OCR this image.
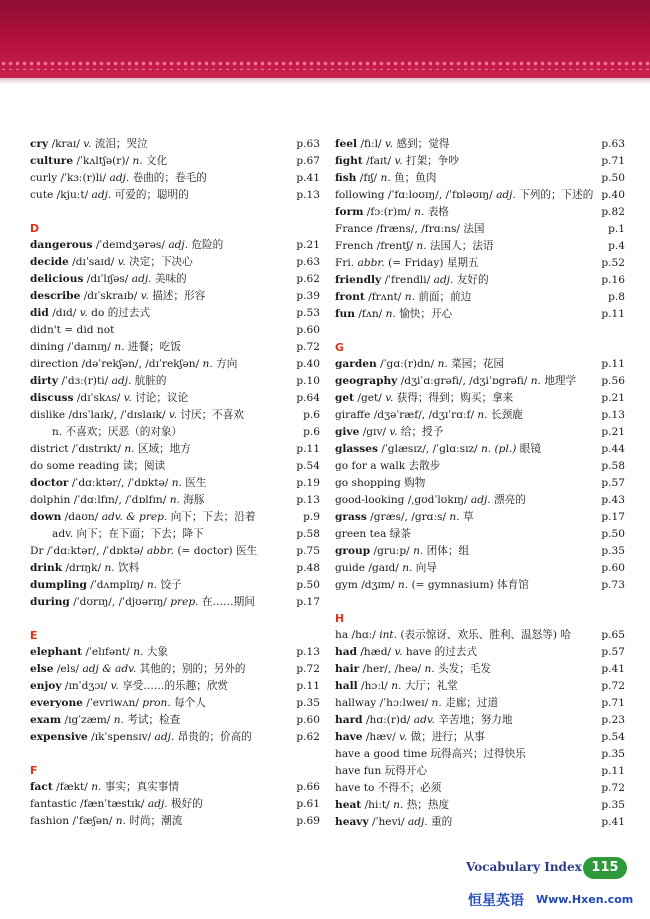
cry /kraɪ/ v. 流泪；哭泣	p.63
culture /ˈkʌltʃə(r)/ n. 文化	p.67
curly /ˈkɜː(r)li/ adj. 卷曲的；卷毛的	p.41
cute /kjuːt/ adj. 可爱的；聪明的	p.13
D
dangerous /ˈdeɪndʒərəs/ adj. 危险的	p.21
decide /dɪˈsaɪd/ v. 决定；下决心	p.63
delicious /dɪˈlɪʃəs/ adj. 美味的	p.62
describe /dɪˈskraɪb/ v. 描述；形容	p.39
did /dɪd/ v. do 的过去式	p.53
didn't = did not	p.60
dining /ˈdaɪnɪŋ/ n. 进餐；吃饭	p.72
direction /dəˈrekʃən/, /dɪˈrekʃən/ n. 方向	p.40
dirty /ˈdɜː(r)ti/ adj. 肮脏的	p.10
discuss /dɪˈskʌs/ v. 讨论；议论	p.64
dislike /dɪsˈlaɪk/, /ˈdɪslaɪk/ v. 讨厌；不喜欢	p.6
n. 不喜欢；厌恶（的对象）	p.6
district /ˈdɪstrɪkt/ n. 区域；地方	p.11
do some reading 读；阅读	p.54
doctor /ˈdɑːktər/, /ˈdɒktə/ n. 医生	p.19
dolphin /ˈdɑːlfɪn/, /ˈdɒlfɪn/ n. 海豚	p.13
down /daʊn/ adv. & prep. 向下；下去；沿着	p.9
adv. 向下；在下面；下去；降下	p.58
Dr /ˈdɑːktər/, /ˈdɒktə/ abbr. (= doctor) 医生	p.75
drink /drɪŋk/ n. 饮料	p.48
dumpling /ˈdʌmplɪŋ/ n. 饺子	p.50
during /ˈdʊrɪŋ/, /ˈdjʊərɪŋ/ prep. 在……期间	p.17
E
elephant /ˈelɪfənt/ n. 大象	p.13
else /els/ adj & adv. 其他的；别的；另外的	p.72
enjoy /ɪnˈdʒɔɪ/ v. 享受……的乐趣；欣赏	p.11
everyone /ˈevriwʌn/ pron. 每个人	p.35
exam /ɪgˈzæm/ n. 考试；检查	p.60
expensive /ɪkˈspensɪv/ adj. 昂贵的；价高的	p.62
F
fact /fækt/ n. 事实；真实事情	p.66
fantastic /fænˈtæstɪk/ adj. 极好的	p.61
fashion /ˈfæʃən/ n. 时尚；潮流	p.69
feel /fiːl/ v. 感到；觉得	p.63
fight /faɪt/ v. 打架；争吵	p.71
fish /fɪʃ/ n. 鱼；鱼肉	p.50
following /ˈfɑːloʊɪŋ/, /ˈfɒləʊɪŋ/ adj. 下列的；下述的 p.40
form /fɔː(r)m/ n. 表格	p.82
France /fræns/, /frɑːns/ 法国	p.1
French /frentʃ/ n. 法国人；法语	p.4
Fri. abbr. (= Friday) 星期五	p.52
friendly /ˈfrendli/ adj. 友好的	p.16
front /frʌnt/ n. 前面；前边	p.8
fun /fʌn/ n. 愉快；开心	p.11
G
garden /ˈgɑː(r)dn/ n. 菜园；花园	p.11
geography /dʒiˈɑːgrəfi/, /dʒiˈɒgrəfi/ n. 地理学	p.56
get /get/ v. 获得；得到；购买；拿来	p.21
giraffe /dʒəˈræf/, /dʒɪˈrɑːf/ n. 长颈鹿	p.13
give /gɪv/ v. 给；授予	p.21
glasses /ˈglæsɪz/, /ˈglɑːsɪz/ n. (pl.) 眼镜	p.44
go for a walk 去散步	p.58
go shopping 购物	p.57
good-looking /ˌgʊdˈlʊkɪŋ/ adj. 漂亮的	p.43
grass /græs/, /grɑːs/ n. 草	p.17
green tea 绿茶	p.50
group /gruːp/ n. 团体；组	p.35
guide /gaɪd/ n. 向导	p.60
gym /dʒɪm/ n. (= gymnasium) 体育馆	p.73
H
ha /hɑː/ int. (表示惊讶、欢乐、胜利、温怒等) 哈	p.65
had /hæd/ v. have 的过去式	p.57
hair /her/, /heə/ n. 头发；毛发	p.41
hall /hɔːl/ n. 大厅；礼堂	p.72
hallway /ˈhɔːlweɪ/ n. 走廊；过道	p.71
hard /hɑː(r)d/ adv. 辛苦地；努力地	p.23
have /hæv/ v. 做；进行；从事	p.54
have a good time 玩得高兴；过得快乐	p.35
have fun 玩得开心	p.11
have to 不得不；必须	p.72
heat /hiːt/ n. 热；热度	p.35
heavy /ˈhevi/ adj. 重的	p.41
Vocabulary Index 115
恒星英语 Www.Hxen.com
